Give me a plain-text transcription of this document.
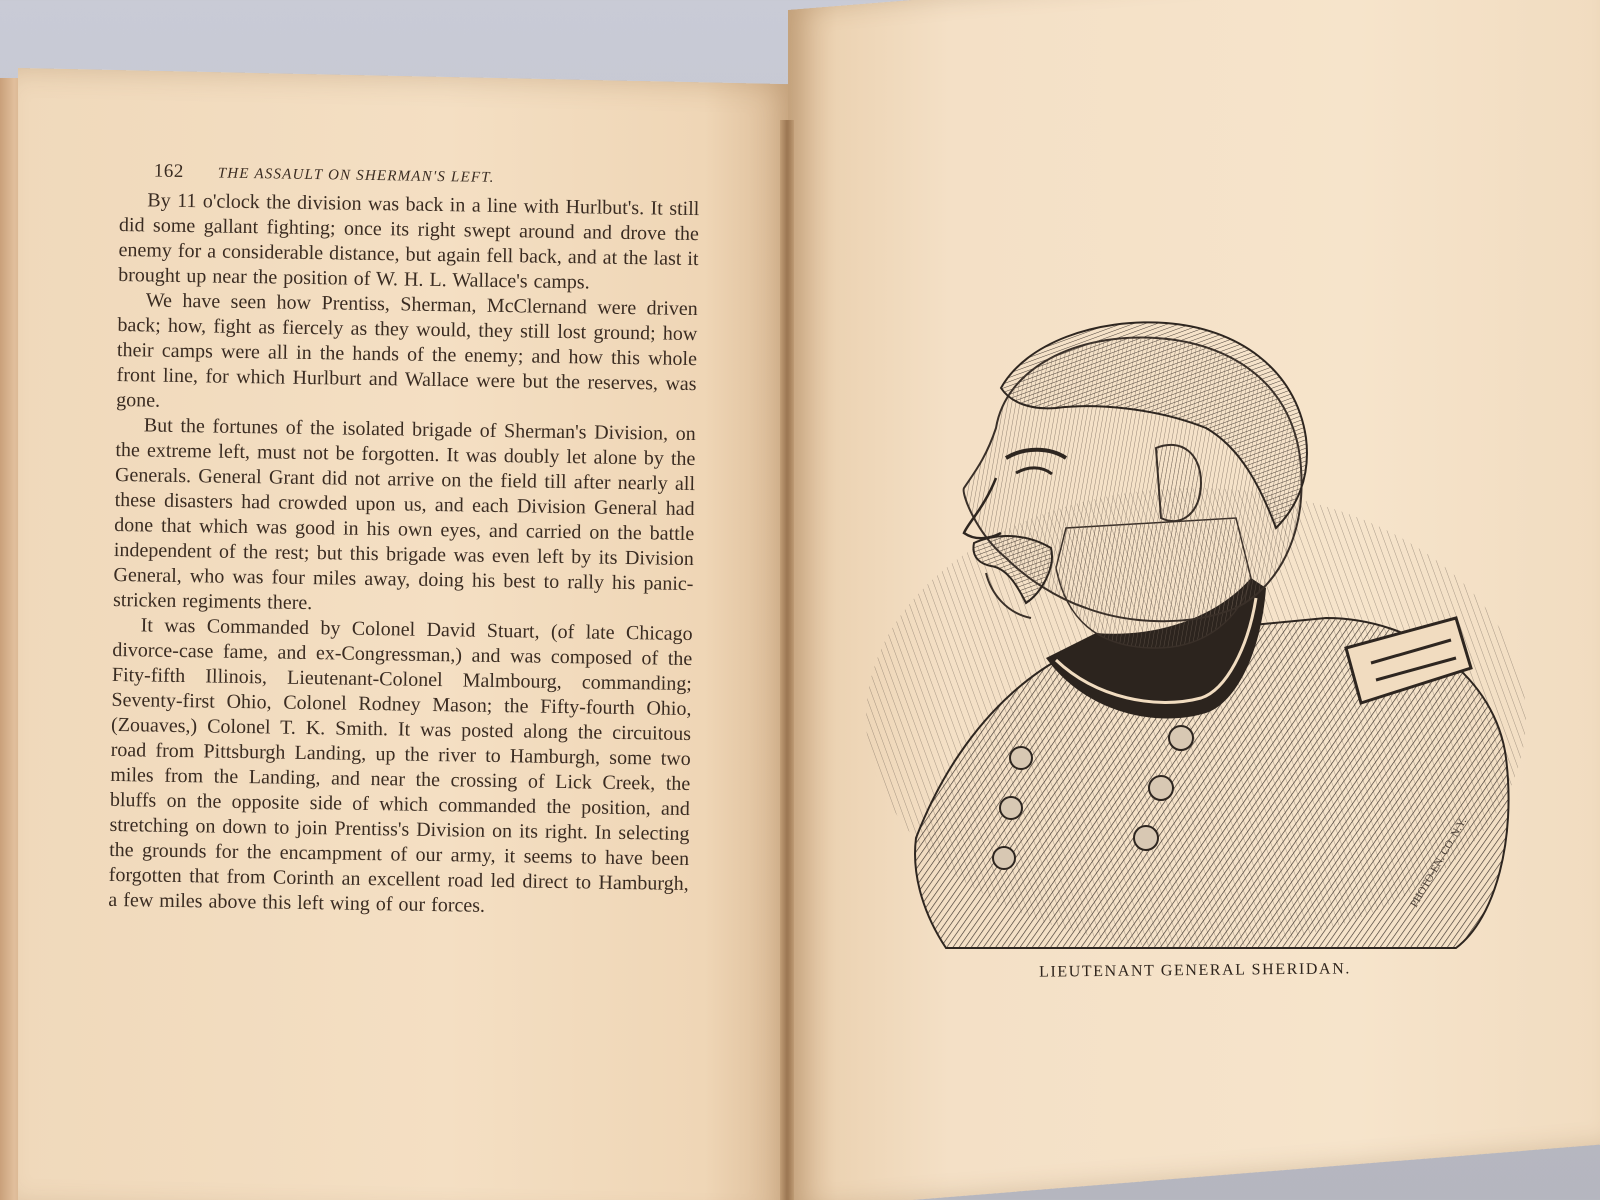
162	THE ASSAULT ON SHERMAN'S LEFT.

By 11 o'clock the division was back in a line with Hurlbut's. It still did some gallant fighting; once its right swept around and drove the enemy for a considerable distance, but again fell back, and at the last it brought up near the position of W. H. L. Wallace's camps.

We have seen how Prentiss, Sherman, McClernand were driven back; how, fight as fiercely as they would, they still lost ground; how their camps were all in the hands of the enemy; and how this whole front line, for which Hurlburt and Wallace were but the reserves, was gone.

But the fortunes of the isolated brigade of Sherman's Division, on the extreme left, must not be forgotten. It was doubly let alone by the Generals. General Grant did not arrive on the field till after nearly all these disasters had crowded upon us, and each Division General had done that which was good in his own eyes, and carried on the battle independent of the rest; but this brigade was even left by its Division General, who was four miles away, doing his best to rally his panic-stricken regiments there.

It was Commanded by Colonel David Stuart, (of late Chicago divorce-case fame, and ex-Congressman,) and was composed of the Fity-fifth Illinois, Lieutenant-Colonel Malmbourg, commanding; Seventy-first Ohio, Colonel Rodney Mason; the Fifty-fourth Ohio, (Zouaves,) Colonel T. K. Smith. It was posted along the circuitous road from Pittsburgh Landing, up the river to Hamburgh, some two miles from the Landing, and near the crossing of Lick Creek, the bluffs on the opposite side of which commanded the position, and stretching on down to join Prentiss's Division on its right. In selecting the grounds for the encampment of our army, it seems to have been forgotten that from Corinth an excellent road led direct to Hamburgh, a few miles above this left wing of our forces.	PHOTO-EN. CO. N.Y.
LIEUTENANT GENERAL SHERIDAN.
